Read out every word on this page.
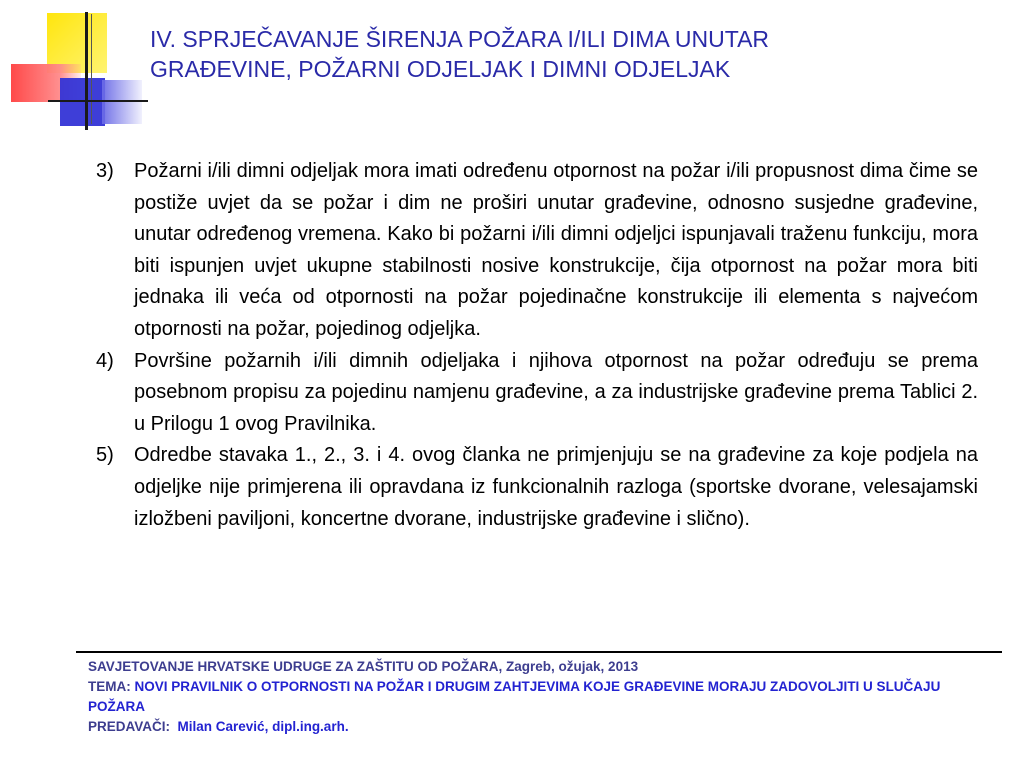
IV. SPRJEČAVANJE ŠIRENJA POŽARA I/ILI DIMA UNUTAR
GRAĐEVINE, POŽARNI ODJELJAK I DIMNI ODJELJAK
3)	Požarni i/ili dimni odjeljak mora imati određenu otpornost na požar i/ili propusnost dima čime se postiže uvjet da se požar i dim ne proširi unutar građevine, odnosno susjedne građevine, unutar određenog vremena. Kako bi požarni i/ili dimni odjeljci ispunjavali traženu funkciju, mora biti ispunjen uvjet ukupne stabilnosti nosive konstrukcije, čija otpornost na požar mora biti jednaka ili veća od otpornosti na požar pojedinačne konstrukcije ili elementa s najvećom otpornosti na požar, pojedinog odjeljka.
4)	Površine požarnih i/ili dimnih odjeljaka i njihova otpornost na požar određuju se prema posebnom propisu za pojedinu namjenu građevine, a za industrijske građevine prema Tablici 2. u Prilogu 1 ovog Pravilnika.
5)	Odredbe stavaka 1., 2., 3. i 4. ovog članka ne primjenjuju se na građevine za koje podjela na odjeljke nije primjerena ili opravdana iz funkcionalnih razloga (sportske dvorane, velesajamski izložbeni paviljoni, koncertne dvorane, industrijske građevine i slično).

SAVJETOVANJE HRVATSKE UDRUGE ZA ZAŠTITU OD POŽARA, Zagreb, ožujak, 2013

TEMA: NOVI PRAVILNIK O OTPORNOSTI NA POŽAR I DRUGIM ZAHTJEVIMA KOJE GRAĐEVINE MORAJU ZADOVOLJITI U SLUČAJU POŽARA

PREDAVAČI: Milan Carević, dipl.ing.arh.
